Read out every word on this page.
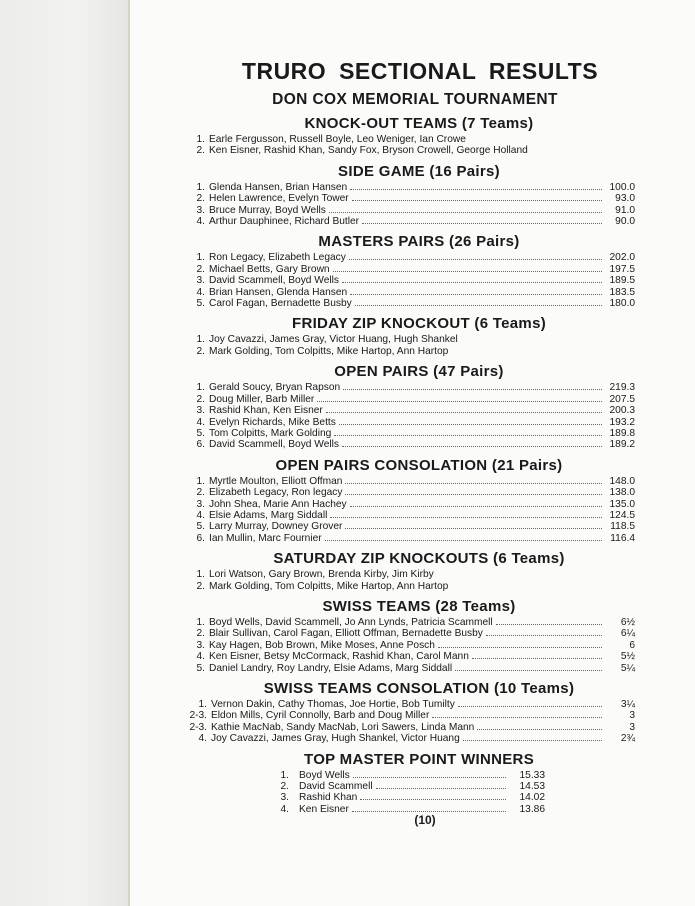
TRURO SECTIONAL RESULTS
DON COX MEMORIAL TOURNAMENT
KNOCK-OUT TEAMS (7 Teams)
1. Earle Fergusson, Russell Boyle, Leo Weniger, Ian Crowe
2. Ken Eisner, Rashid Khan, Sandy Fox, Bryson Crowell, George Holland
SIDE GAME (16 Pairs)
1. Glenda Hansen, Brian Hansen	100.0
2. Helen Lawrence, Evelyn Tower	93.0
3. Bruce Murray, Boyd Wells	91.0
4. Arthur Dauphinee, Richard Butler	90.0
MASTERS PAIRS (26 Pairs)
1. Ron Legacy, Elizabeth Legacy	202.0
2. Michael Betts, Gary Brown	197.5
3. David Scammell, Boyd Wells	189.5
4. Brian Hansen, Glenda Hansen	183.5
5. Carol Fagan, Bernadette Busby	180.0
FRIDAY ZIP KNOCKOUT (6 Teams)
1. Joy Cavazzi, James Gray, Victor Huang, Hugh Shankel
2. Mark Golding, Tom Colpitts, Mike Hartop, Ann Hartop
OPEN PAIRS (47 Pairs)
1. Gerald Soucy, Bryan Rapson	219.3
2. Doug Miller, Barb Miller	207.5
3. Rashid Khan, Ken Eisner	200.3
4. Evelyn Richards, Mike Betts	193.2
5. Tom Colpitts, Mark Golding	189.8
6. David Scammell, Boyd Wells	189.2
OPEN PAIRS CONSOLATION (21 Pairs)
1. Myrtle Moulton, Elliott Offman	148.0
2. Elizabeth Legacy, Ron legacy	138.0
3. John Shea, Marie Ann Hachey	135.0
4. Elsie Adams, Marg Siddall	124.5
5. Larry Murray, Downey Grover	118.5
6. Ian Mullin, Marc Fournier	116.4
SATURDAY ZIP KNOCKOUTS (6 Teams)
1. Lori Watson, Gary Brown, Brenda Kirby, Jim Kirby
2. Mark Golding, Tom Colpitts, Mike Hartop, Ann Hartop
SWISS TEAMS (28 Teams)
1. Boyd Wells, David Scammell, Jo Ann Lynds, Patricia Scammell	6½
2. Blair Sullivan, Carol Fagan, Elliott Offman, Bernadette Busby	6¼
3. Kay Hagen, Bob Brown, Mike Moses, Anne Posch	6
4. Ken Eisner, Betsy McCormack, Rashid Khan, Carol Mann	5½
5. Daniel Landry, Roy Landry, Elsie Adams, Marg Siddall	5¼
SWISS TEAMS CONSOLATION (10 Teams)
1. Vernon Dakin, Cathy Thomas, Joe Hortie, Bob Tumilty	3¼
2-3. Eldon Mills, Cyril Connolly, Barb and Doug Miller	3
2-3. Kathie MacNab, Sandy MacNab, Lori Sawers, Linda Mann	3
4. Joy Cavazzi, James Gray, Hugh Shankel, Victor Huang	2¾
TOP MASTER POINT WINNERS
1. Boyd Wells	15.33
2. David Scammell	14.53
3. Rashid Khan	14.02
4. Ken Eisner	13.86
(10)
